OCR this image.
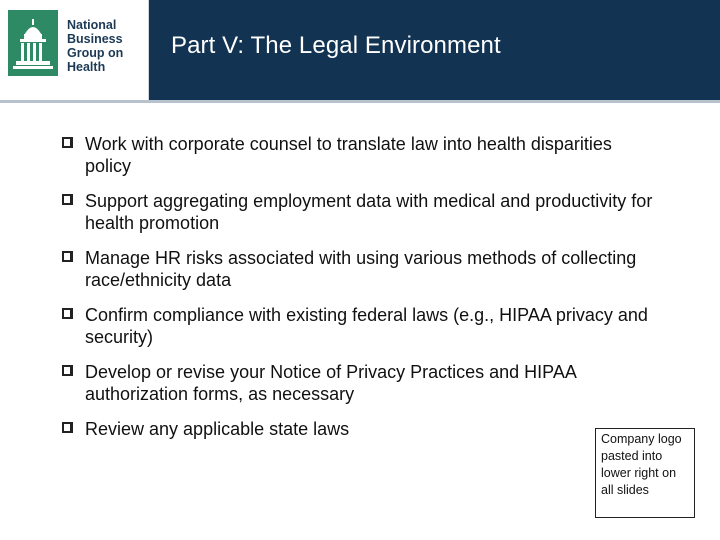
National
Business
Group on
Health
Part V: The Legal Environment
Work with corporate counsel to translate law into health disparities policy
Support aggregating employment data with medical and productivity for health promotion
Manage HR risks associated with using various methods of collecting race/ethnicity data
Confirm compliance with existing federal laws (e.g., HIPAA privacy and security)
Develop or revise your Notice of Privacy Practices and HIPAA authorization forms, as necessary
Review any applicable state laws	Company logo pasted into lower right on all slides
